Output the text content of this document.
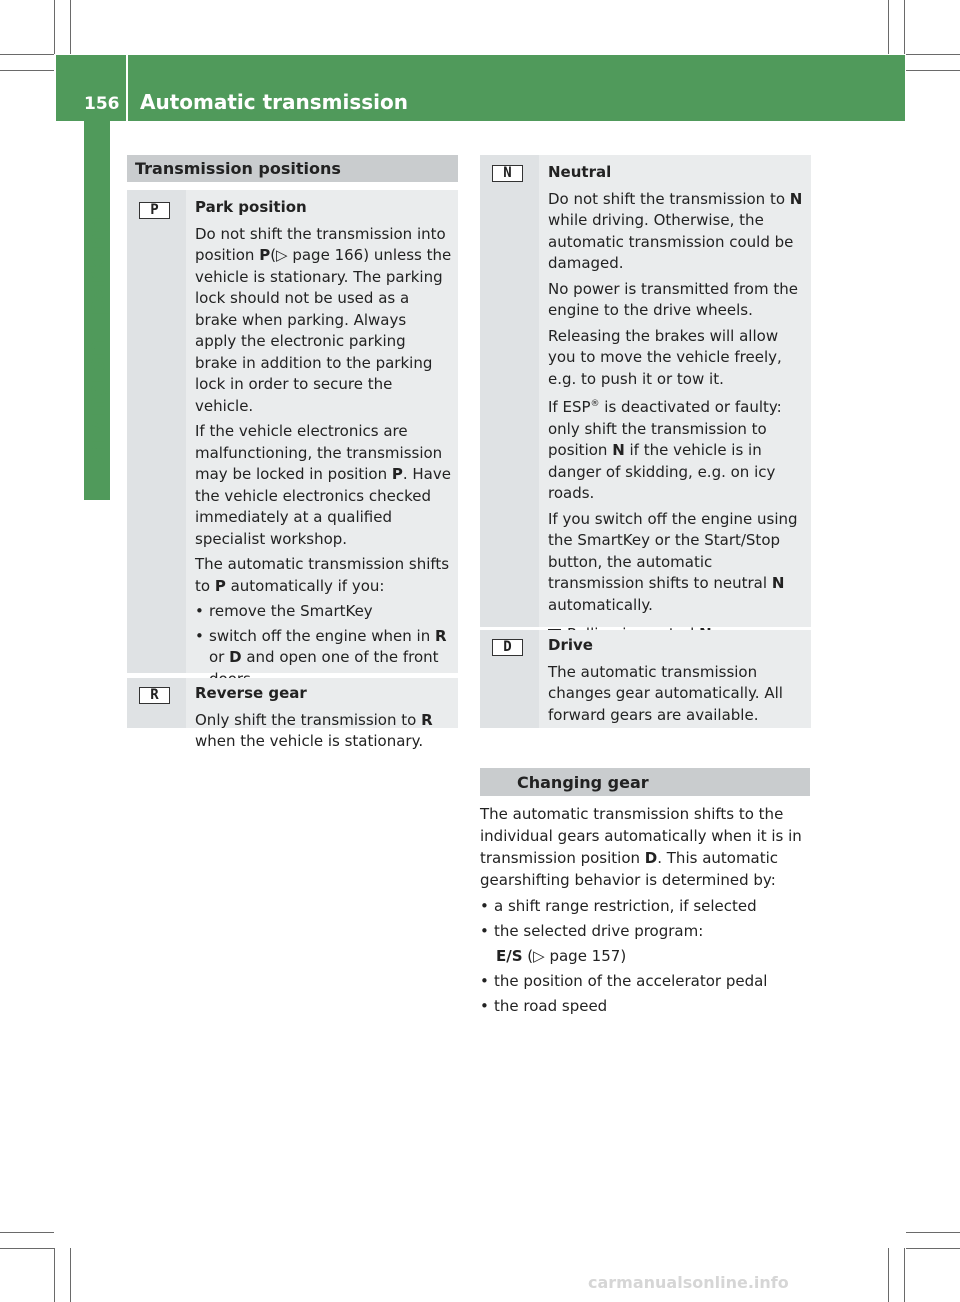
156 Automatic transmission
Driving and parking
Transmission positions
P	Park position

Do not shift the transmission into position P(▷ page 166) unless the vehicle is stationary. The parking lock should not be used as a brake when parking. Always apply the electronic parking brake in addition to the parking lock in order to secure the vehicle.

If the vehicle electronics are malfunctioning, the transmission may be locked in position P. Have the vehicle electronics checked immediately at a qualified specialist workshop.

The automatic transmission shifts to P automatically if you:

• remove the SmartKey
• switch off the engine when in R or D and open one of the front
R	Reverse gear

Only shift the transmission to R when the vehicle is stationary.

N	Neutral

Do not shift the transmission to N while driving. Otherwise, the automatic transmission could be damaged.

No power is transmitted from the engine to the drive wheels.

Releasing the brakes will allow you to move the vehicle freely, e.g. to push it or tow it.

If ESP® is deactivated or faulty: only shift the transmission to position N if the vehicle is in danger of skidding, e.g. on icy roads.

If you switch off the engine using the SmartKey or the Start/Stop button, the automatic transmission shifts to neutral N automatically.

D	Drive

The automatic transmission changes gear automatically. All forward gears are available.

Changing gear

The automatic transmission shifts to the individual gears automatically when it is in transmission position D. This automatic gearshifting behavior is determined by:

• a shift range restriction, if selected
• the selected drive program:
E/S (▷ page 157)
• the position of the accelerator pedal
• the road speed
carmanualsonline.info
